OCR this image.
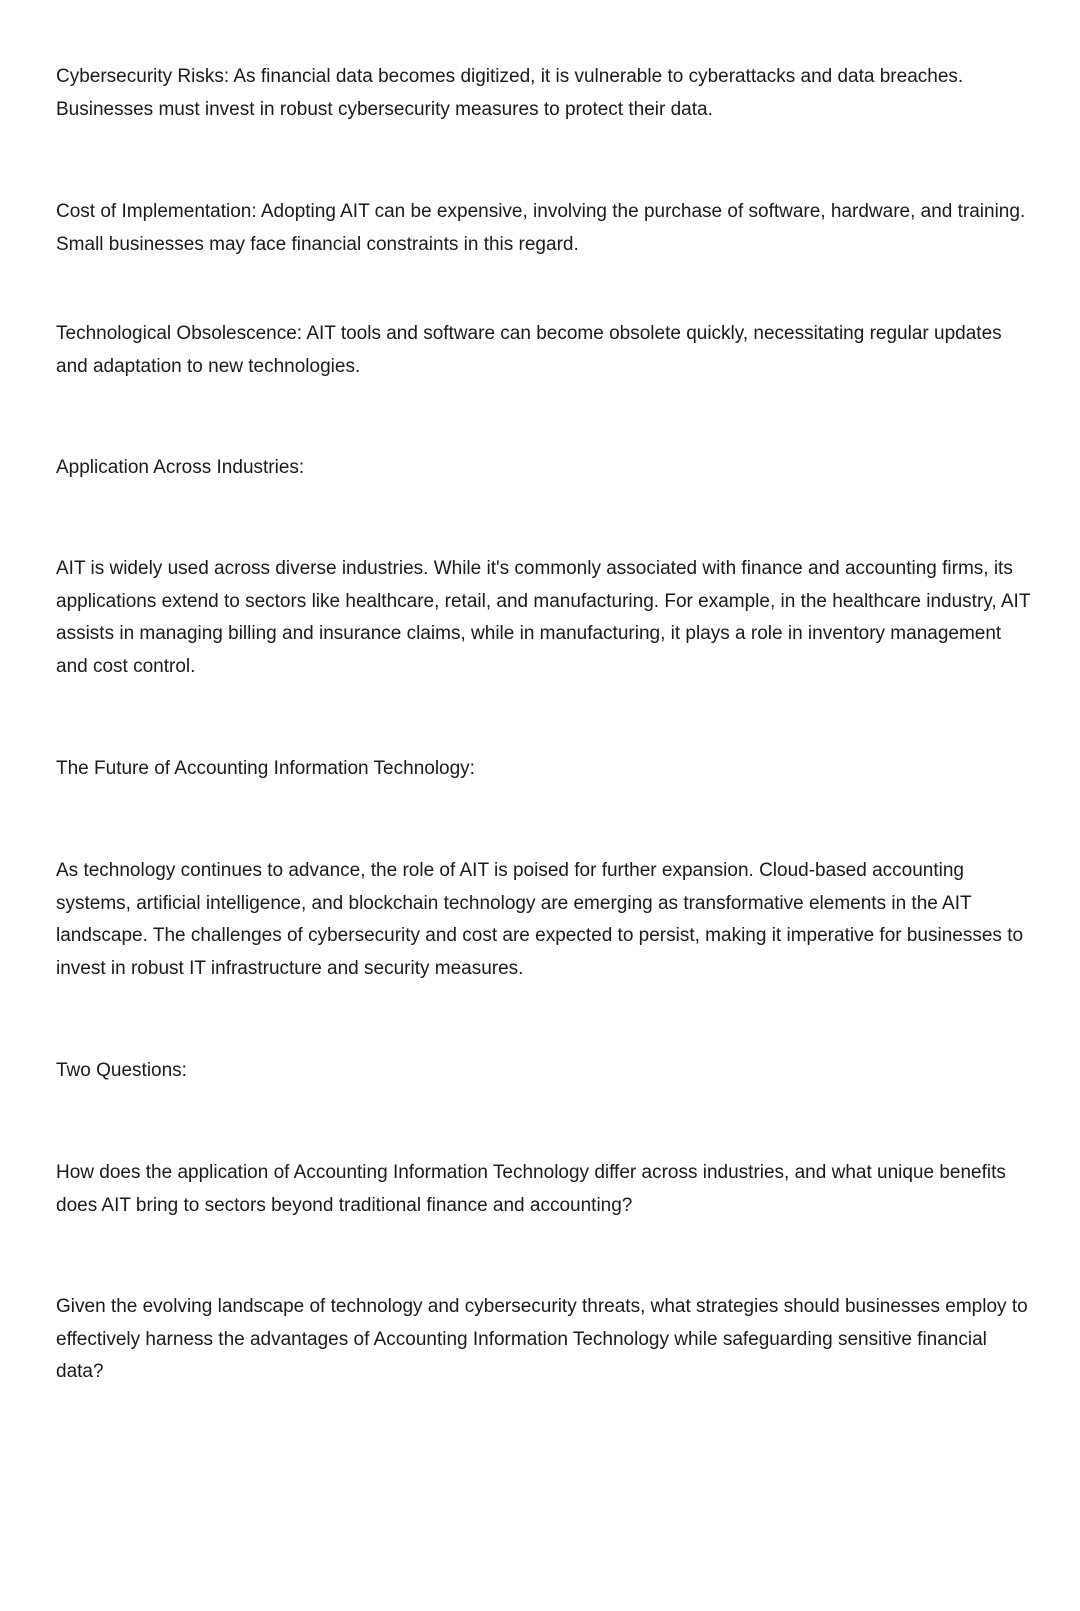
Cybersecurity Risks: As financial data becomes digitized, it is vulnerable to cyberattacks and data breaches. Businesses must invest in robust cybersecurity measures to protect their data.

Cost of Implementation: Adopting AIT can be expensive, involving the purchase of software, hardware, and training. Small businesses may face financial constraints in this regard.

Technological Obsolescence: AIT tools and software can become obsolete quickly, necessitating regular updates and adaptation to new technologies.

Application Across Industries:

AIT is widely used across diverse industries. While it's commonly associated with finance and accounting firms, its applications extend to sectors like healthcare, retail, and manufacturing. For example, in the healthcare industry, AIT assists in managing billing and insurance claims, while in manufacturing, it plays a role in inventory management and cost control.

The Future of Accounting Information Technology:

As technology continues to advance, the role of AIT is poised for further expansion. Cloud-based accounting systems, artificial intelligence, and blockchain technology are emerging as transformative elements in the AIT landscape. The challenges of cybersecurity and cost are expected to persist, making it imperative for businesses to invest in robust IT infrastructure and security measures.

Two Questions:

How does the application of Accounting Information Technology differ across industries, and what unique benefits does AIT bring to sectors beyond traditional finance and accounting?

Given the evolving landscape of technology and cybersecurity threats, what strategies should businesses employ to effectively harness the advantages of Accounting Information Technology while safeguarding sensitive financial data?
